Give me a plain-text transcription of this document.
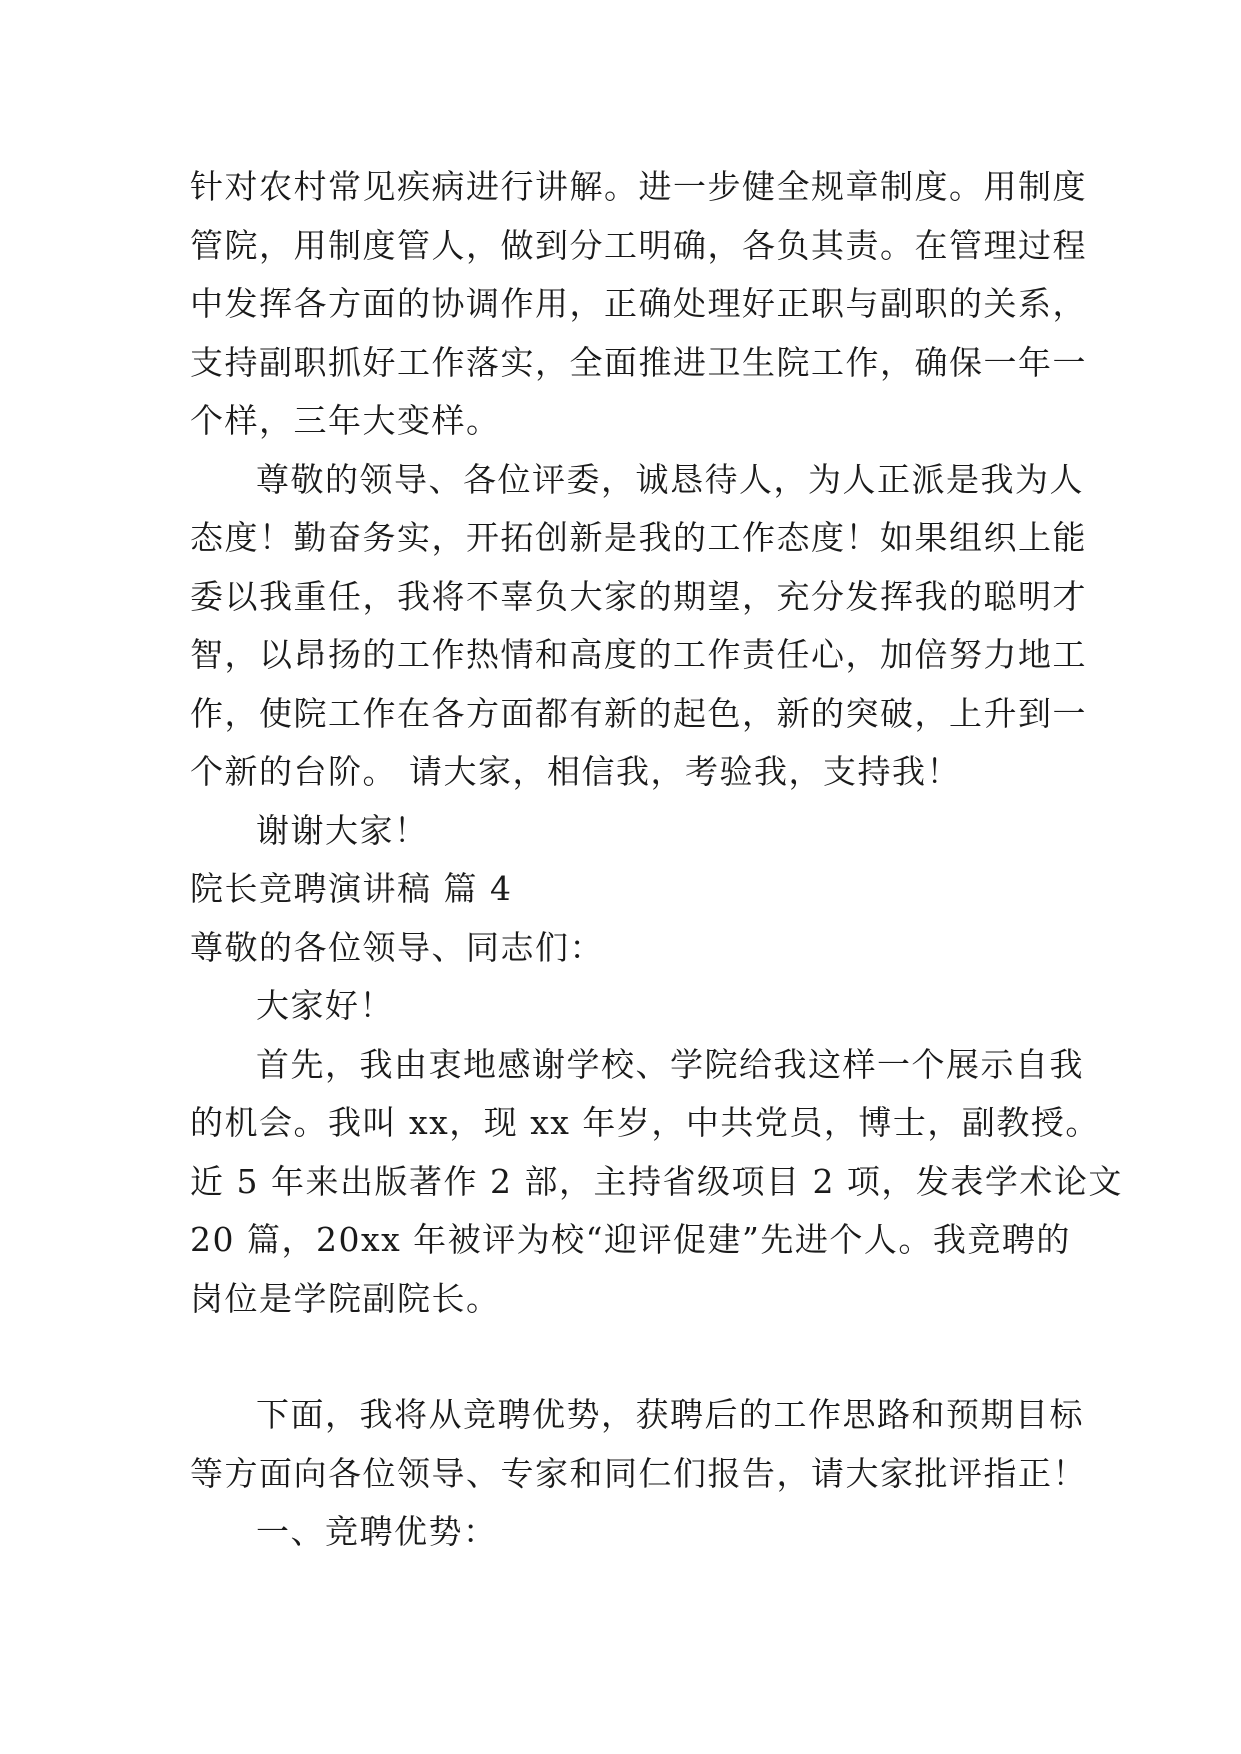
针对农村常见疾病进行讲解。进一步健全规章制度。用制度
管院，用制度管人，做到分工明确，各负其责。在管理过程
中发挥各方面的协调作用，正确处理好正职与副职的关系，
支持副职抓好工作落实，全面推进卫生院工作，确保一年一
个样，三年大变样。
尊敬的领导、各位评委，诚恳待人，为人正派是我为人
态度！勤奋务实，开拓创新是我的工作态度！如果组织上能
委以我重任，我将不辜负大家的期望，充分发挥我的聪明才
智，以昂扬的工作热情和高度的工作责任心，加倍努力地工
作，使院工作在各方面都有新的起色，新的突破，上升到一
个新的台阶。 请大家，相信我，考验我，支持我！
谢谢大家！
院长竞聘演讲稿 篇 4
尊敬的各位领导、同志们：
大家好！
首先，我由衷地感谢学校、学院给我这样一个展示自我
的机会。我叫 xx，现 xx 年岁，中共党员，博士，副教授。
近 5 年来出版著作 2 部，主持省级项目 2 项，发表学术论文
20 篇，20xx 年被评为校“迎评促建”先进个人。我竞聘的
岗位是学院副院长。
下面，我将从竞聘优势，获聘后的工作思路和预期目标
等方面向各位领导、专家和同仁们报告，请大家批评指正！
一、竞聘优势：
